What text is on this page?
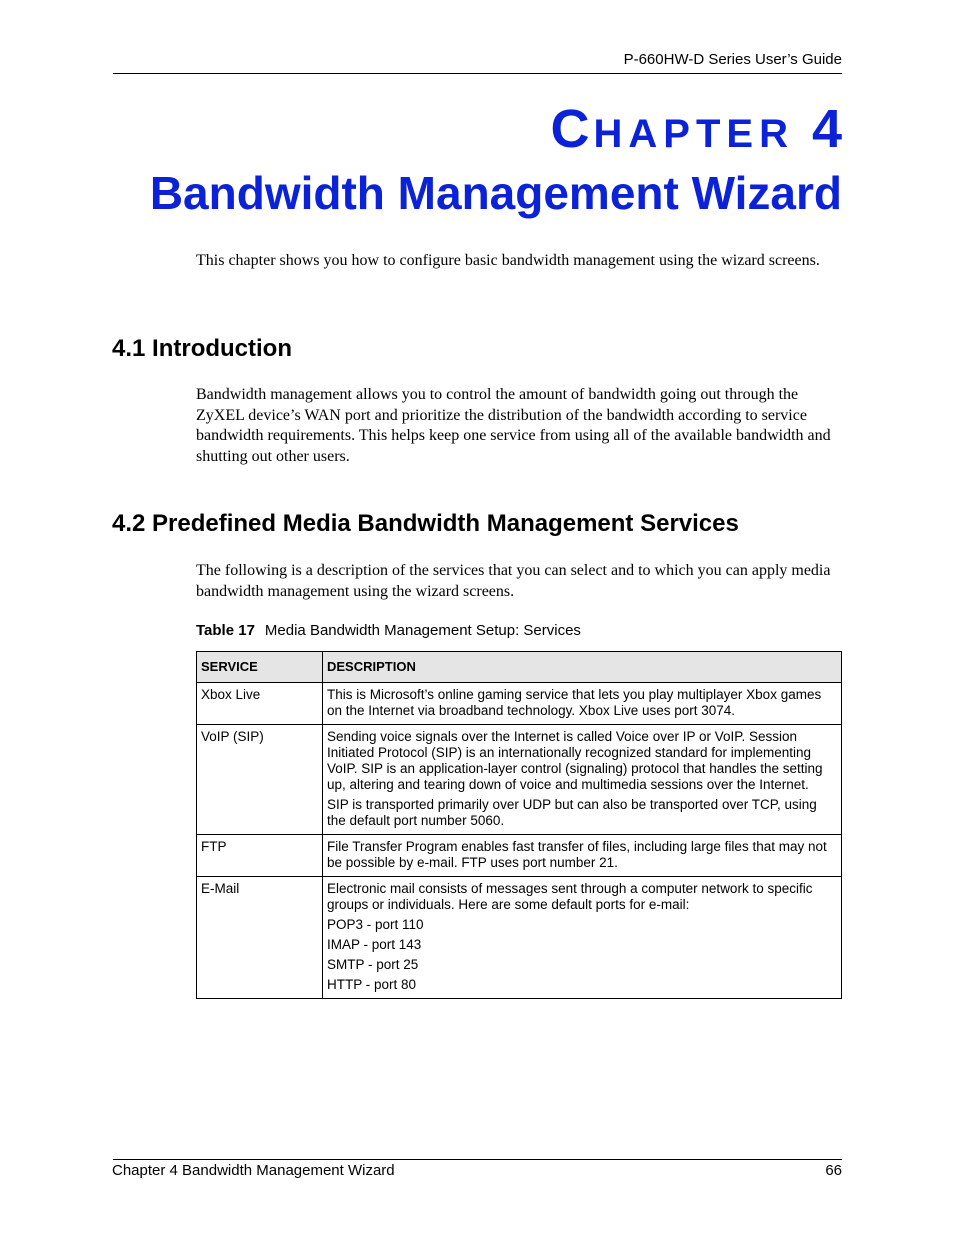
P-660HW-D Series User’s Guide
CHAPTER 4
Bandwidth Management Wizard
This chapter shows you how to configure basic bandwidth management using the wizard screens.
4.1 Introduction
Bandwidth management allows you to control the amount of bandwidth going out through the ZyXEL device’s WAN port and prioritize the distribution of the bandwidth according to service bandwidth requirements. This helps keep one service from using all of the available bandwidth and shutting out other users.
4.2 Predefined Media Bandwidth Management Services
The following is a description of the services that you can select and to which you can apply media bandwidth management using the wizard screens.
Table 17 Media Bandwidth Management Setup: Services
SERVICE	DESCRIPTION
Xbox Live	This is Microsoft’s online gaming service that lets you play multiplayer Xbox games on the Internet via broadband technology. Xbox Live uses port 3074.

VoIP (SIP)	Sending voice signals over the Internet is called Voice over IP or VoIP. Session Initiated Protocol (SIP) is an internationally recognized standard for implementing VoIP. SIP is an application-layer control (signaling) protocol that handles the setting up, altering and tearing down of voice and multimedia sessions over the Internet.

SIP is transported primarily over UDP but can also be transported over TCP, using the default port number 5060.

FTP	File Transfer Program enables fast transfer of files, including large files that may not be possible by e-mail. FTP uses port number 21.

E-Mail	Electronic mail consists of messages sent through a computer network to specific groups or individuals. Here are some default ports for e-mail:

POP3 - port 110

IMAP - port 143

SMTP - port 25

HTTP - port 80

Chapter 4 Bandwidth Management Wizard	66
